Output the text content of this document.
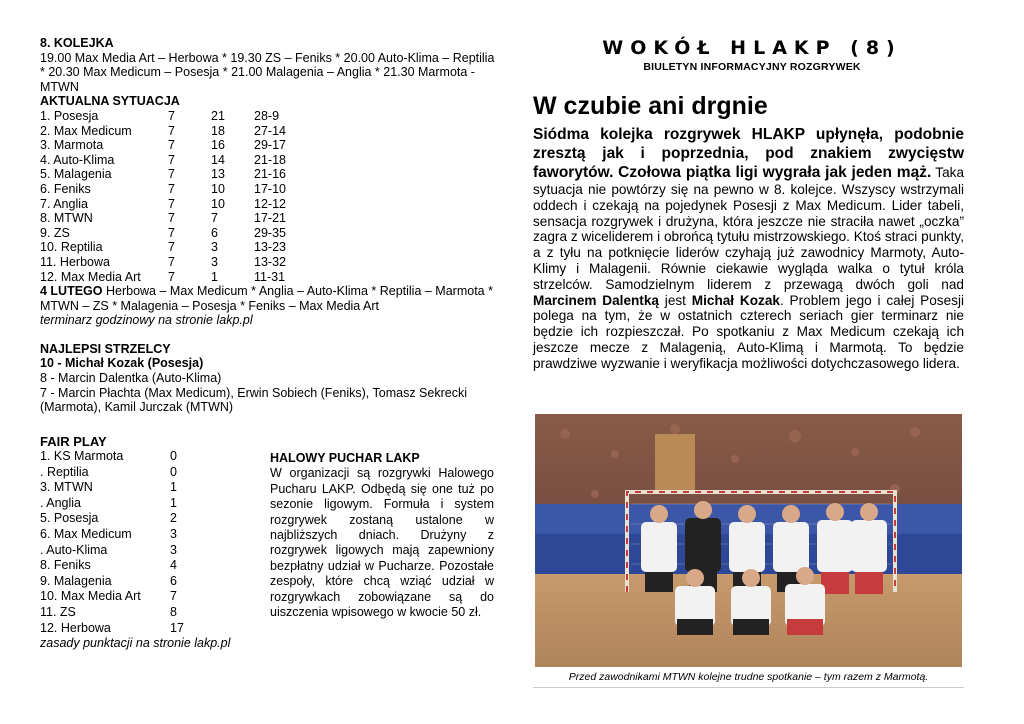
8. KOLEJKA
19.00 Max Media Art – Herbowa * 19.30 ZS – Feniks * 20.00 Auto-Klima – Reptilia * 20.30 Max Medicum – Posesja * 21.00 Malagenia – Anglia * 21.30 Marmota - MTWN
AKTUALNA SYTUACJA
1. Posesja	7	21	28-9
2. Max Medicum	7	18	27-14
3. Marmota	7	16	29-17
4. Auto-Klima	7	14	21-18
5. Malagenia	7	13	21-16
6. Feniks	7	10	17-10
7. Anglia	7	10	12-12
8. MTWN	7	7	17-21
9. ZS	7	6	29-35
10. Reptilia	7	3	13-23
11. Herbowa	7	3	13-32
12. Max Media Art	7	1	11-31
4 LUTEGO Herbowa – Max Medicum * Anglia – Auto-Klima * Reptilia – Marmota * MTWN – ZS * Malagenia – Posesja * Feniks – Max Media Art
terminarz godzinowy na stronie lakp.pl
NAJLEPSI STRZELCY
10 - Michał Kozak (Posesja)
8 - Marcin Dalentka (Auto-Klima)
7 - Marcin Płachta (Max Medicum), Erwin Sobiech (Feniks), Tomasz Sekrecki (Marmota), Kamil Jurczak (MTWN)
FAIR PLAY
1. KS Marmota	0
. Reptilia	0
3. MTWN	1
. Anglia	1
5. Posesja	2
6. Max Medicum	3
. Auto-Klima	3
8. Feniks	4
9. Malagenia	6
10. Max Media Art	7
11. ZS	8
12. Herbowa	17
zasady punktacji na stronie lakp.pl
HALOWY PUCHAR LAKP
W organizacji są rozgrywki Halowego Pucharu LAKP. Odbędą się one tuż po sezonie ligowym. Formuła i system rozgrywek zostaną ustalone w najbliższych dniach. Drużyny z rozgrywek ligowych mają zapewniony bezpłatny udział w Pucharze. Pozostałe zespoły, które chcą wziąć udział w rozgrywkach zobowiązane są do uiszczenia wpisowego w kwocie 50 zł.
WOKÓŁ HLAKP (8)
BIULETYN INFORMACYJNY ROZGRYWEK
W czubie ani drgnie
Siódma kolejka rozgrywek HLAKP upłynęła, podobnie zresztą jak i poprzednia, pod znakiem zwycięstw faworytów. Czołowa piątka ligi wygrała jak jeden mąż. Taka sytuacja nie powtórzy się na pewno w 8. kolejce. Wszyscy wstrzymali oddech i czekają na pojedynek Posesji z Max Medicum. Lider tabeli, sensacja rozgrywek i drużyna, która jeszcze nie straciła nawet „oczka” zagra z wiceliderem i obrońcą tytułu mistrzowskiego. Ktoś straci punkty, a z tyłu na potknięcie liderów czyhają już zawodnicy Marmoty, Auto-Klimy i Malagenii. Równie ciekawie wygląda walka o tytuł króla strzelców. Samodzielnym liderem z przewagą dwóch goli nad Marcinem Dalentką jest Michał Kozak. Problem jego i całej Posesji polega na tym, że w ostatnich czterech seriach gier terminarz nie będzie ich rozpieszczał. Po spotkaniu z Max Medicum czekają ich jeszcze mecze z Malagenią, Auto-Klimą i Marmotą. To będzie prawdziwe wyzwanie i weryfikacja możliwości dotychczasowego lidera.
Przed zawodnikami MTWN kolejne trudne spotkanie – tym razem z Marmotą.
